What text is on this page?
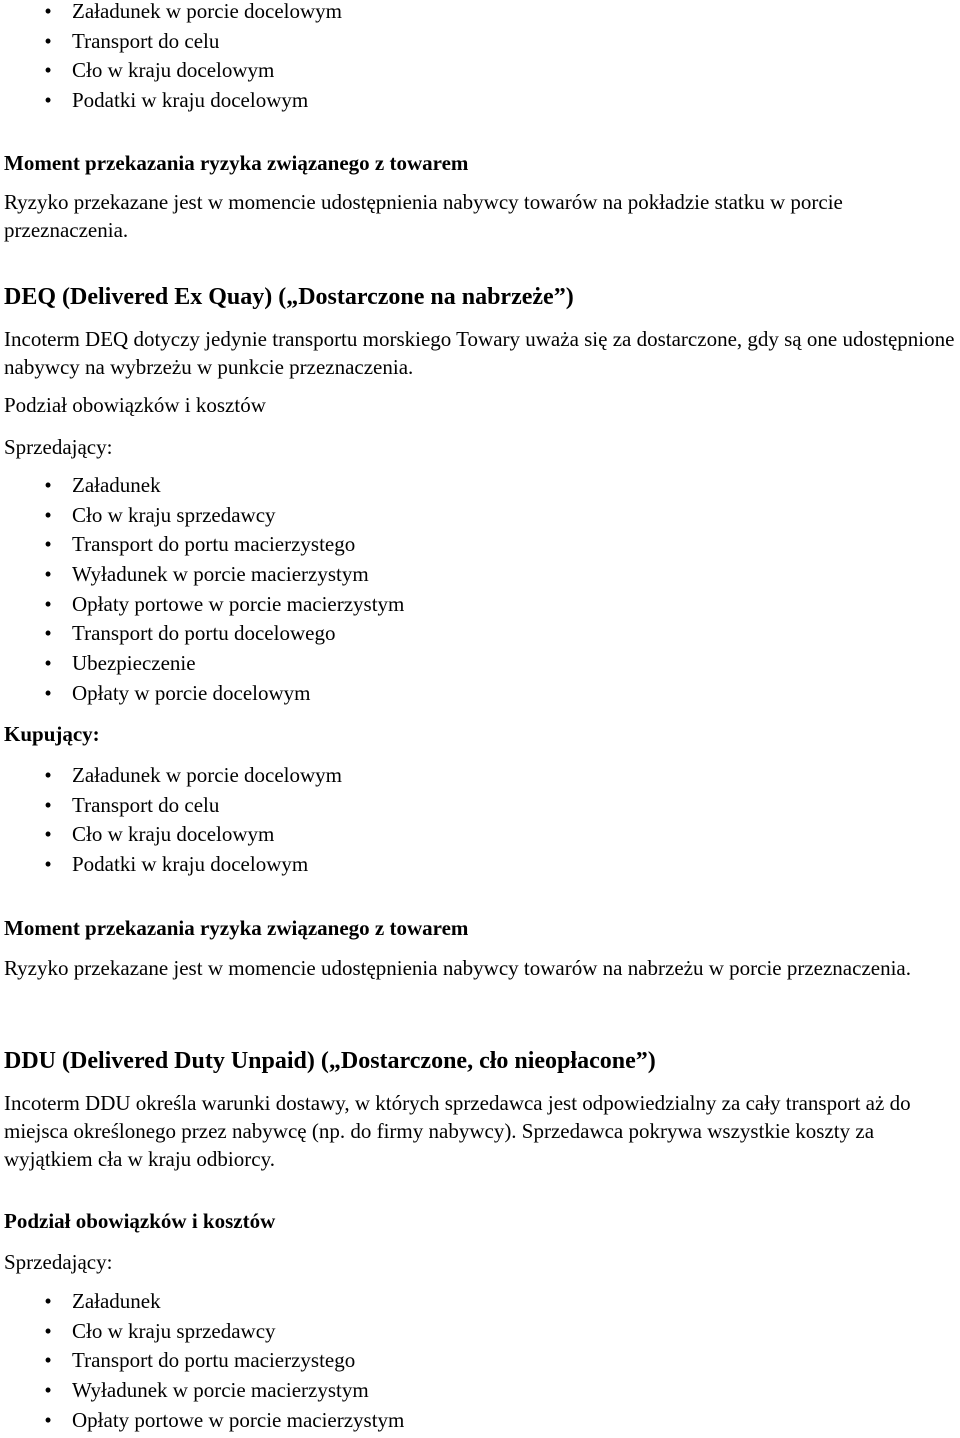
• Załadunek w porcie docelowym
• Transport do celu
• Cło w kraju docelowym
• Podatki w kraju docelowym
Moment przekazania ryzyka związanego z towarem
Ryzyko przekazane jest w momencie udostępnienia nabywcy towarów na pokładzie statku w porcie przeznaczenia.
DEQ (Delivered Ex Quay) („Dostarczone na nabrzeże”)
Incoterm DEQ dotyczy jedynie transportu morskiego Towary uważa się za dostarczone, gdy są one udostępnione nabywcy na wybrzeżu w punkcie przeznaczenia.
Podział obowiązków i kosztów
Sprzedający:
• Załadunek
• Cło w kraju sprzedawcy
• Transport do portu macierzystego
• Wyładunek w porcie macierzystym
• Opłaty portowe w porcie macierzystym
• Transport do portu docelowego
• Ubezpieczenie
• Opłaty w porcie docelowym
Kupujący:
• Załadunek w porcie docelowym
• Transport do celu
• Cło w kraju docelowym
• Podatki w kraju docelowym
Moment przekazania ryzyka związanego z towarem
Ryzyko przekazane jest w momencie udostępnienia nabywcy towarów na nabrzeżu w porcie przeznaczenia.
DDU (Delivered Duty Unpaid) („Dostarczone, cło nieopłacone”)
Incoterm DDU określa warunki dostawy, w których sprzedawca jest odpowiedzialny za cały transport aż do miejsca określonego przez nabywcę (np. do firmy nabywcy). Sprzedawca pokrywa wszystkie koszty za wyjątkiem cła w kraju odbiorcy.
Podział obowiązków i kosztów
Sprzedający:
• Załadunek
• Cło w kraju sprzedawcy
• Transport do portu macierzystego
• Wyładunek w porcie macierzystym
• Opłaty portowe w porcie macierzystym
